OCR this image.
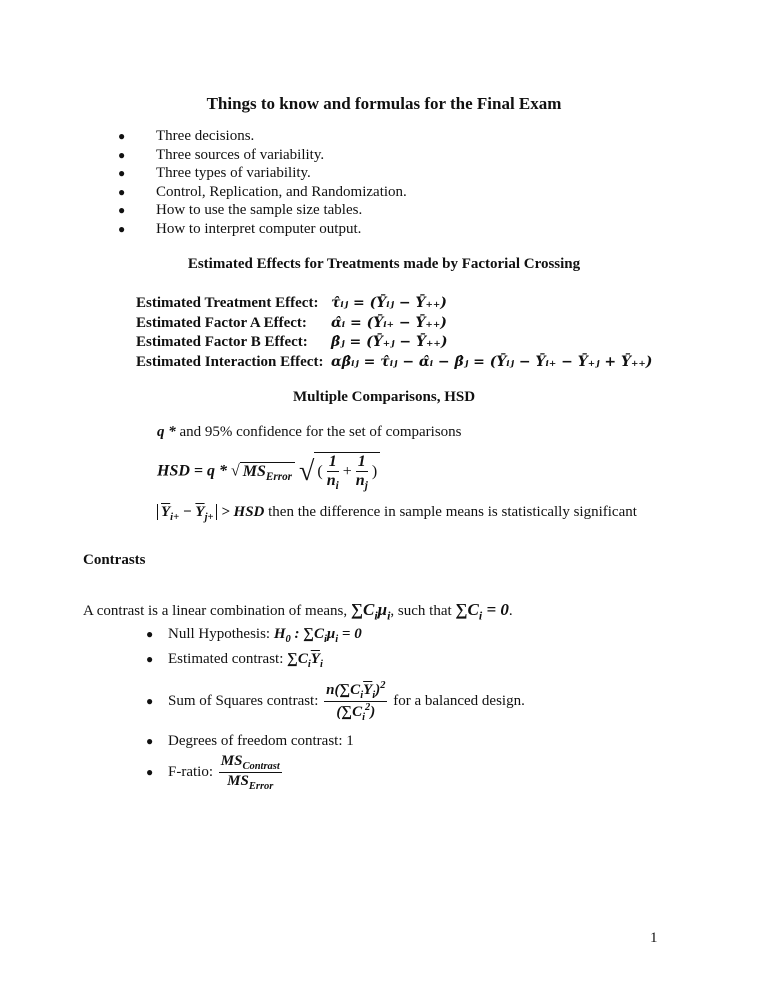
Things to know and formulas for the Final Exam
● Three decisions.
● Three sources of variability.
● Three types of variability.
● Control, Replication, and Randomization.
● How to use the sample size tables.
● How to interpret computer output.
Estimated Effects for Treatments made by Factorial Crossing
Estimated Treatment Effect: τ̂ᵢⱼ = (Ȳᵢⱼ − Ȳ₊₊)
Estimated Factor A Effect: α̂ᵢ = (Ȳᵢ₊ − Ȳ₊₊)
Estimated Factor B Effect: β̂ⱼ = (Ȳ₊ⱼ − Ȳ₊₊)
Estimated Interaction Effect: αβ̂ᵢⱼ = τ̂ᵢⱼ − α̂ᵢ − β̂ⱼ = (Ȳᵢⱼ − Ȳᵢ₊ − Ȳ₊ⱼ + Ȳ₊₊)
Multiple Comparisons, HSD
q * and 95% confidence for the set of comparisons
HSD = q * √ $MS_{Error}$ √ ( $\frac{1}{n_i} + \frac{1}{n_j}$ )
$\overline{Y}_{i+} - \overline{Y}_{j+}$ > HSD then the difference in sample means is statistically significant
Contrasts
A contrast is a linear combination of means, $\sum C_i\mu_i$, such that $\sum C_i = 0$.
● Null Hypothesis: $H_0$ : $\sum C_i\mu_i = 0$
● Estimated contrast: $\sum C_i\overline{Y}_i$
● Sum of Squares contrast: $\frac{n(\sum C_i\overline{Y}_i)^2}{(\sum C_i^2)}$ for a balanced design.
● Degrees of freedom contrast: 1
● F-ratio: $\frac{MS_{Contrast}}{MS_{Error}}$
1
